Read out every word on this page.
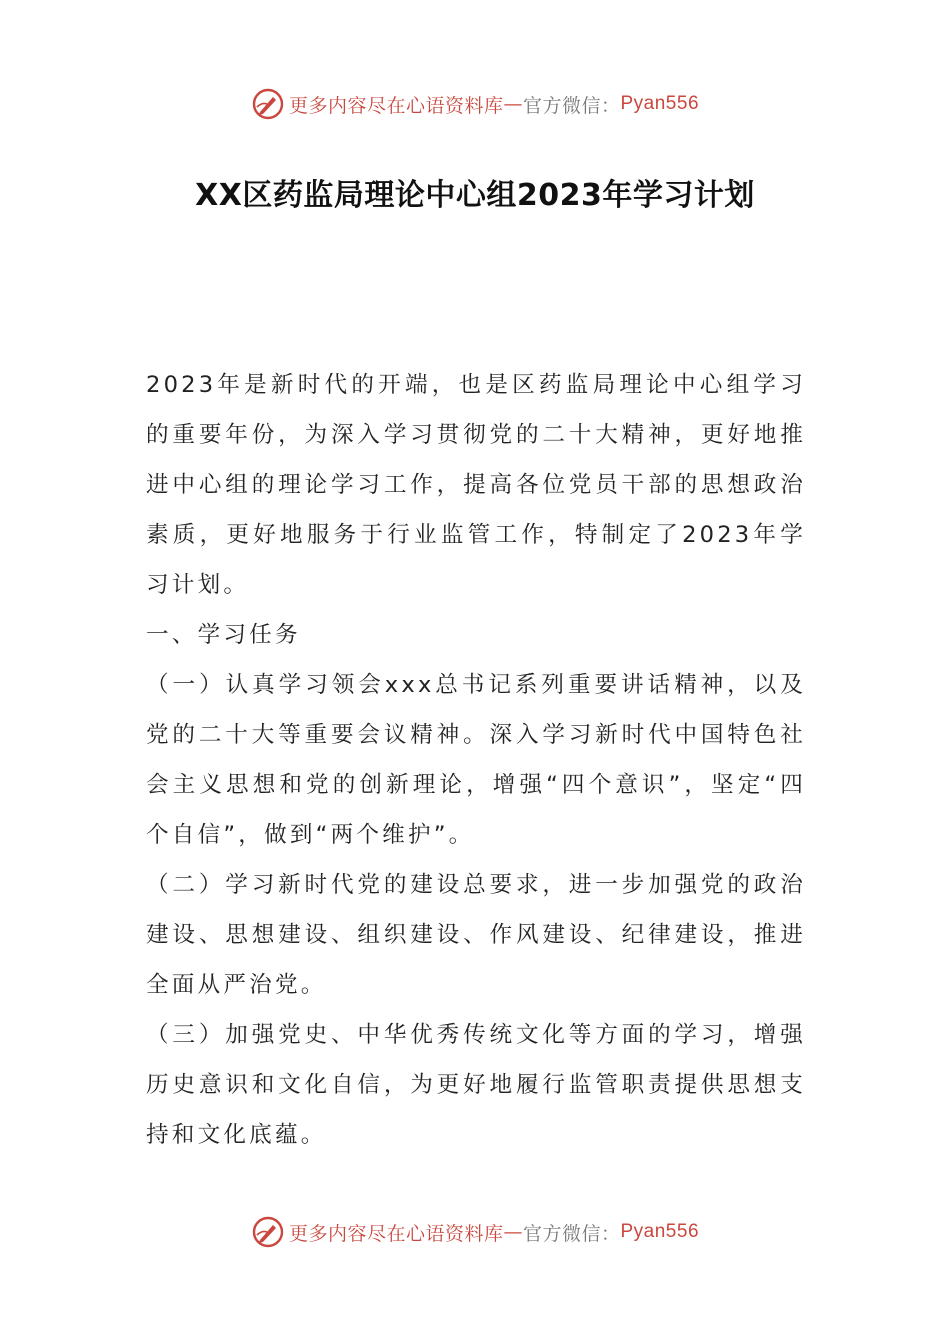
更多内容尽在心语资料库 — 官方微信： Pyan556
XX区药监局理论中心组2023年学习计划

2023年是新时代的开端，也是区药监局理论中心组学习的重要年份，为深入学习贯彻党的二十大精神，更好地推进中心组的理论学习工作，提高各位党员干部的思想政治素质，更好地服务于行业监管工作，特制定了2023年学习计划。

一、学习任务

（一）认真学习领会xxx总书记系列重要讲话精神，以及党的二十大等重要会议精神。深入学习新时代中国特色社会主义思想和党的创新理论，增强“四个意识”，坚定“四个自信”，做到“两个维护”。

（二）学习新时代党的建设总要求，进一步加强党的政治建设、思想建设、组织建设、作风建设、纪律建设，推进全面从严治党。

（三）加强党史、中华优秀传统文化等方面的学习，增强历史意识和文化自信，为更好地履行监管职责提供思想支持和文化底蕴。

更多内容尽在心语资料库 — 官方微信： Pyan556
